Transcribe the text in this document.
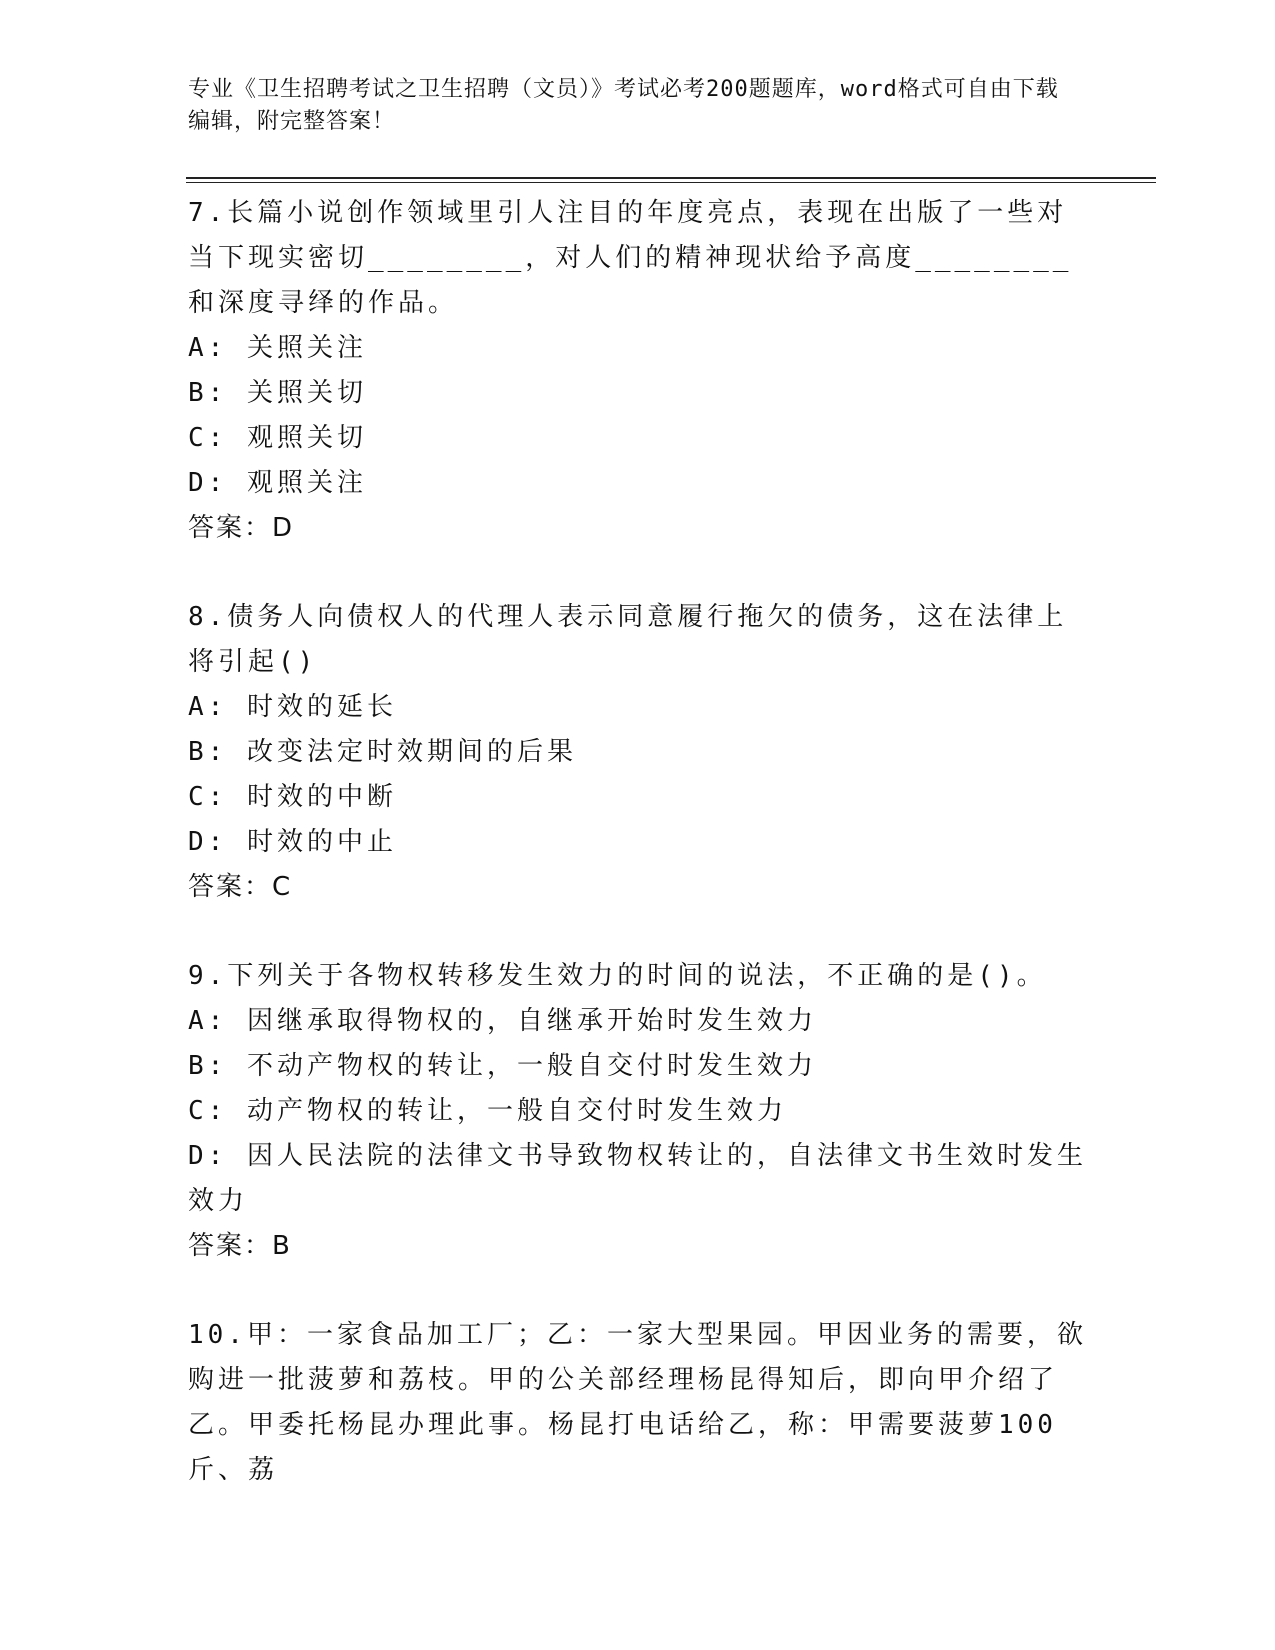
专业《卫生招聘考试之卫生招聘（文员）》考试必考200题题库，word格式可自由下载编辑，附完整答案！
7.长篇小说创作领域里引人注目的年度亮点，表现在出版了一些对当下现实密切________，对人们的精神现状给予高度________和深度寻绎的作品。
A: 关照关注
B: 关照关切
C: 观照关切
D: 观照关注
答案：D
8.债务人向债权人的代理人表示同意履行拖欠的债务，这在法律上将引起()
A: 时效的延长
B: 改变法定时效期间的后果
C: 时效的中断
D: 时效的中止
答案：C
9.下列关于各物权转移发生效力的时间的说法，不正确的是()。
A: 因继承取得物权的，自继承开始时发生效力
B: 不动产物权的转让，一般自交付时发生效力
C: 动产物权的转让，一般自交付时发生效力
D: 因人民法院的法律文书导致物权转让的，自法律文书生效时发生效力
答案：B
10.甲：一家食品加工厂；乙：一家大型果园。甲因业务的需要，欲购进一批菠萝和荔枝。甲的公关部经理杨昆得知后，即向甲介绍了乙。甲委托杨昆办理此事。杨昆打电话给乙，称：甲需要菠萝100斤、荔
